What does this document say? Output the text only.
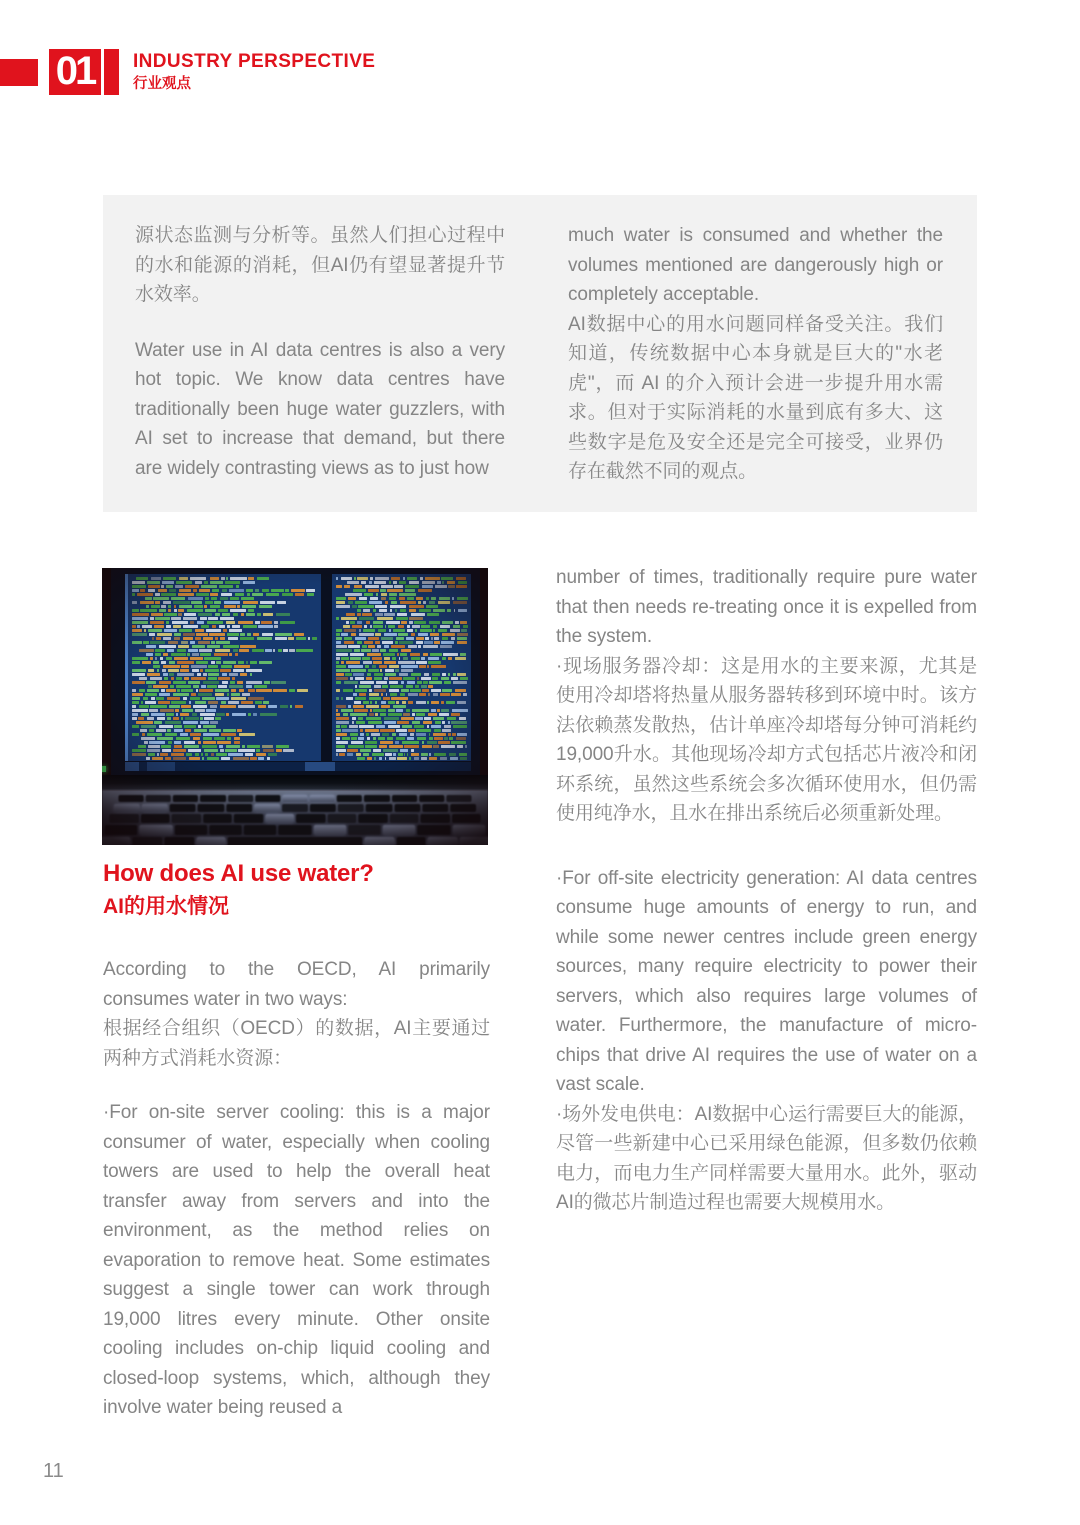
01	INDUSTRY PERSPECTIVE
行业观点

源状态监测与分析等。虽然人们担心过程中的水和能源的消耗，但AI仍有望显著提升节水效率。

Water use in AI data centres is also a very hot topic. We know data centres have traditionally been huge water guzzlers, with AI set to increase that demand, but there are widely contrasting views as to just how

much water is consumed and whether the volumes mentioned are dangerously high or completely acceptable.

AI数据中心的用水问题同样备受关注。我们知道，传统数据中心本身就是巨大的"水老虎"，而 AI 的介入预计会进一步提升用水需求。但对于实际消耗的水量到底有多大、这些数字是危及安全还是完全可接受，业界仍存在截然不同的观点。

How does AI use water?
AI的用水情况

According to the OECD, AI primarily consumes water in two ways:

根据经合组织（OECD）的数据，AI主要通过两种方式消耗水资源：

·For on-site server cooling: this is a major consumer of water, especially when cooling towers are used to help the overall heat transfer away from servers and into the environment, as the method relies on evaporation to remove heat. Some estimates suggest a single tower can work through 19,000 litres every minute. Other onsite cooling includes on-chip liquid cooling and closed-loop systems, which, although they involve water being reused a

number of times, traditionally require pure water that then needs re-treating once it is expelled from the system.

·现场服务器冷却：这是用水的主要来源，尤其是使用冷却塔将热量从服务器转移到环境中时。该方法依赖蒸发散热，估计单座冷却塔每分钟可消耗约19,000升水。其他现场冷却方式包括芯片液冷和闭环系统，虽然这些系统会多次循环使用水，但仍需使用纯净水，且水在排出系统后必须重新处理。

·For off-site electricity generation: AI data centres consume huge amounts of energy to run, and while some newer centres include green energy sources, many require electricity to power their servers, which also requires large volumes of water. Furthermore, the manufacture of micro-chips that drive AI requires the use of water on a vast scale.

·场外发电供电：AI数据中心运行需要巨大的能源，尽管一些新建中心已采用绿色能源，但多数仍依赖电力，而电力生产同样需要大量用水。此外，驱动AI的微芯片制造过程也需要大规模用水。

11
